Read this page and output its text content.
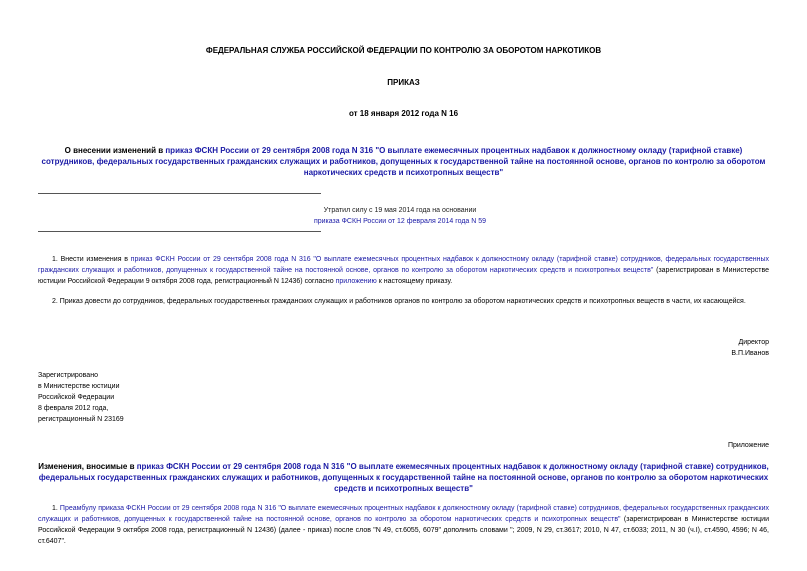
ФЕДЕРАЛЬНАЯ СЛУЖБА РОССИЙСКОЙ ФЕДЕРАЦИИ ПО КОНТРОЛЮ ЗА ОБОРОТОМ НАРКОТИКОВ
ПРИКАЗ
от 18 января 2012 года N 16
О внесении изменений в приказ ФСКН России от 29 сентября 2008 года N 316 "О выплате ежемесячных процентных надбавок к должностному окладу (тарифной ставке) сотрудников, федеральных государственных гражданских служащих и работников, допущенных к государственной тайне на постоянной основе, органов по контролю за оборотом наркотических средств и психотропных веществ"
Утратил силу с 19 мая 2014 года на основании
приказа ФСКН России от 12 февраля 2014 года N 59
1. Внести изменения в приказ ФСКН России от 29 сентября 2008 года N 316 "О выплате ежемесячных процентных надбавок к должностному окладу (тарифной ставке) сотрудников, федеральных государственных гражданских служащих и работников, допущенных к государственной тайне на постоянной основе, органов по контролю за оборотом наркотических средств и психотропных веществ" (зарегистрирован в Министерстве юстиции Российской Федерации 9 октября 2008 года, регистрационный N 12436) согласно приложению к настоящему приказу.
2. Приказ довести до сотрудников, федеральных государственных гражданских служащих и работников органов по контролю за оборотом наркотических средств и психотропных веществ в части, их касающейся.
Директор
В.П.Иванов
Зарегистрировано
в Министерстве юстиции
Российской Федерации
8 февраля 2012 года,
регистрационный N 23169
Приложение
Изменения, вносимые в приказ ФСКН России от 29 сентября 2008 года N 316 "О выплате ежемесячных процентных надбавок к должностному окладу (тарифной ставке) сотрудников, федеральных государственных гражданских служащих и работников, допущенных к государственной тайне на постоянной основе, органов по контролю за оборотом наркотических средств и психотропных веществ"
1. Преамбулу приказа ФСКН России от 29 сентября 2008 года N 316 "О выплате ежемесячных процентных надбавок к должностному окладу (тарифной ставке) сотрудников, федеральных государственных гражданских служащих и работников, допущенных к государственной тайне на постоянной основе, органов по контролю за оборотом наркотических средств и психотропных веществ" (зарегистрирован в Министерстве юстиции Российской Федерации 9 октября 2008 года, регистрационный N 12436) (далее - приказ) после слов "N 49, ст.6055, 6079" дополнить словами "; 2009, N 29, ст.3617; 2010, N 47, ст.6033; 2011, N 30 (ч.I), ст.4590, 4596; N 46, ст.6407".
